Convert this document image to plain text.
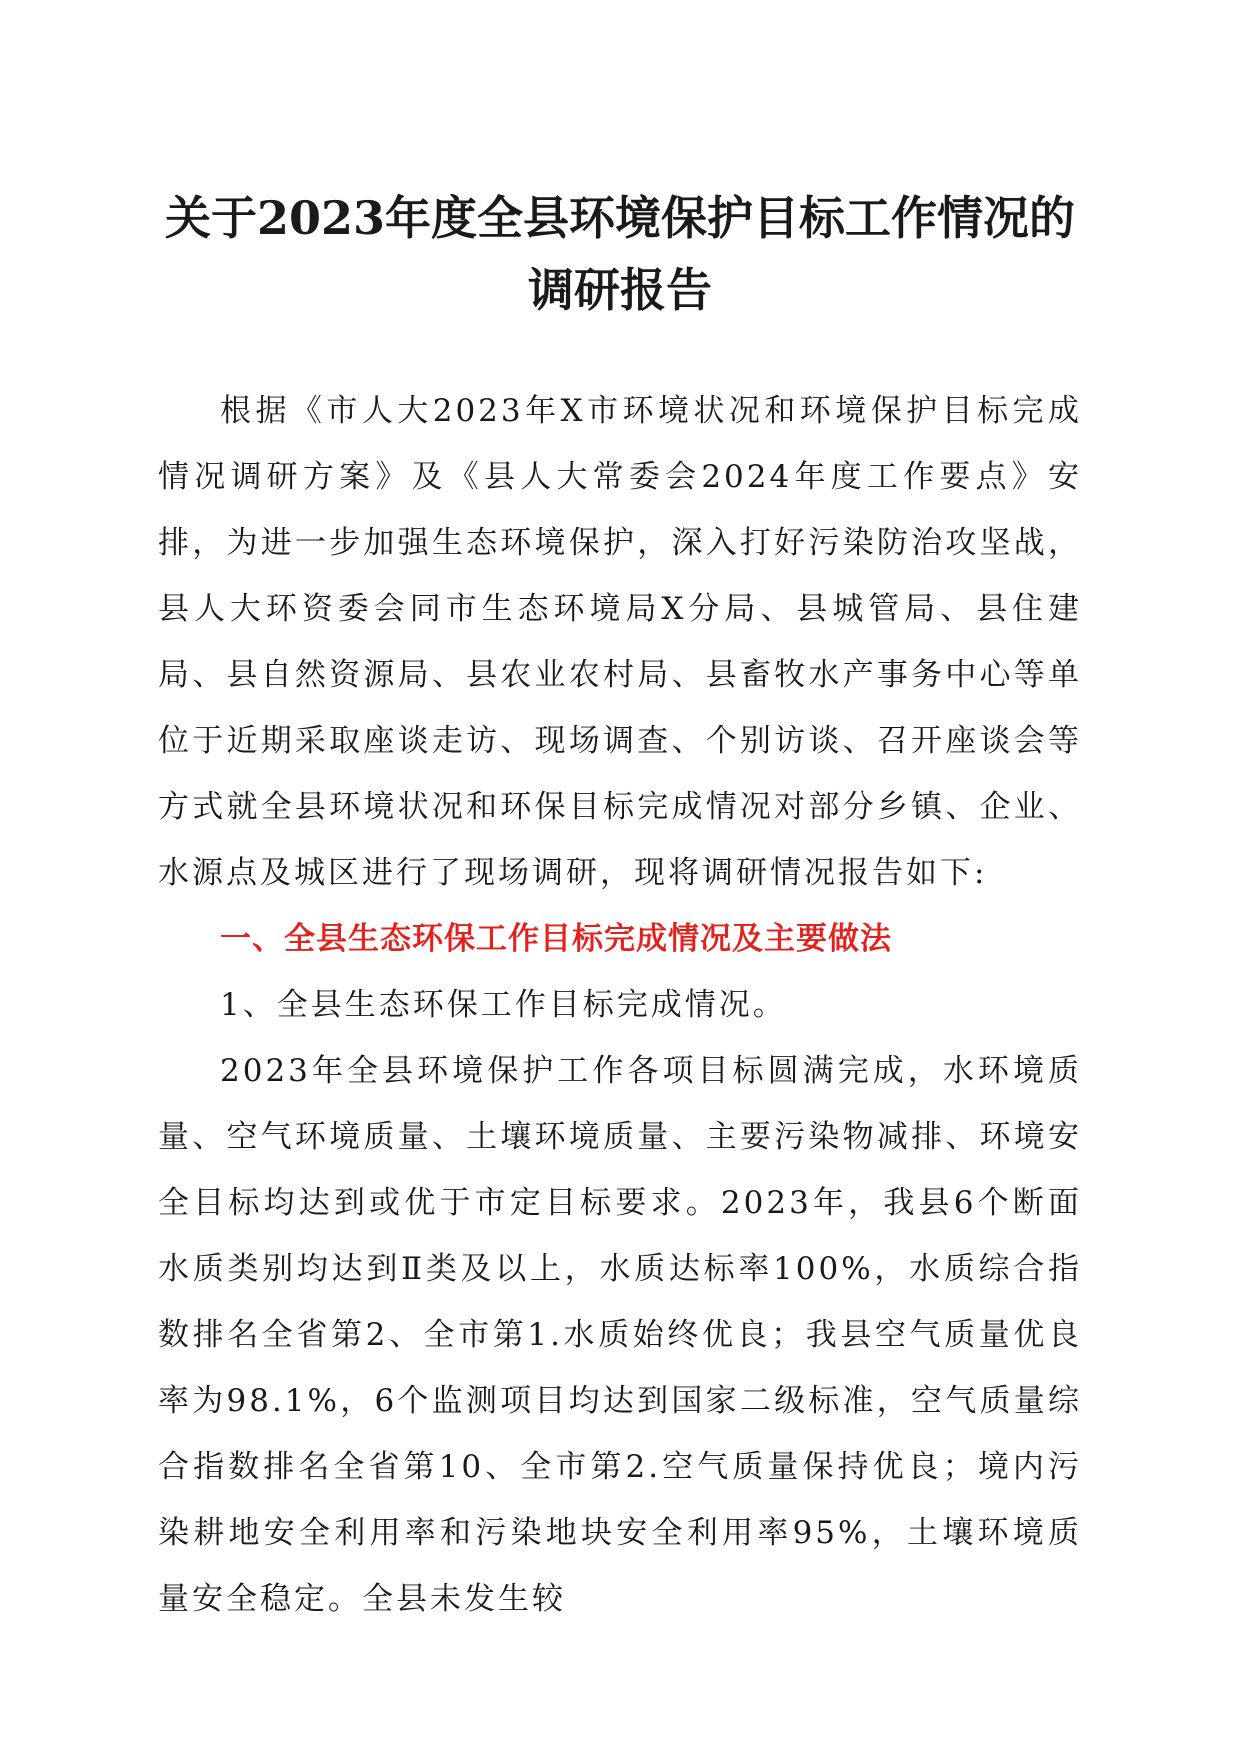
关于2023年度全县环境保护目标工作情况的调研报告

根据《市人大2023年X市环境状况和环境保护目标完成情况调研方案》及《县人大常委会2024年度工作要点》安排，为进一步加强生态环境保护，深入打好污染防治攻坚战，县人大环资委会同市生态环境局X分局、县城管局、县住建局、县自然资源局、县农业农村局、县畜牧水产事务中心等单位于近期采取座谈走访、现场调查、个别访谈、召开座谈会等方式就全县环境状况和环保目标完成情况对部分乡镇、企业、水源点及城区进行了现场调研，现将调研情况报告如下:

一、全县生态环保工作目标完成情况及主要做法

1、全县生态环保工作目标完成情况。

2023年全县环境保护工作各项目标圆满完成，水环境质量、空气环境质量、土壤环境质量、主要污染物减排、环境安全目标均达到或优于市定目标要求。2023年，我县6个断面水质类别均达到Ⅱ类及以上，水质达标率100%，水质综合指数排名全省第2、全市第1.水质始终优良；我县空气质量优良率为98.1%，6个监测项目均达到国家二级标准，空气质量综合指数排名全省第10、全市第2.空气质量保持优良；境内污染耕地安全利用率和污染地块安全利用率95%，土壤环境质量安全稳定。全县未发生较
